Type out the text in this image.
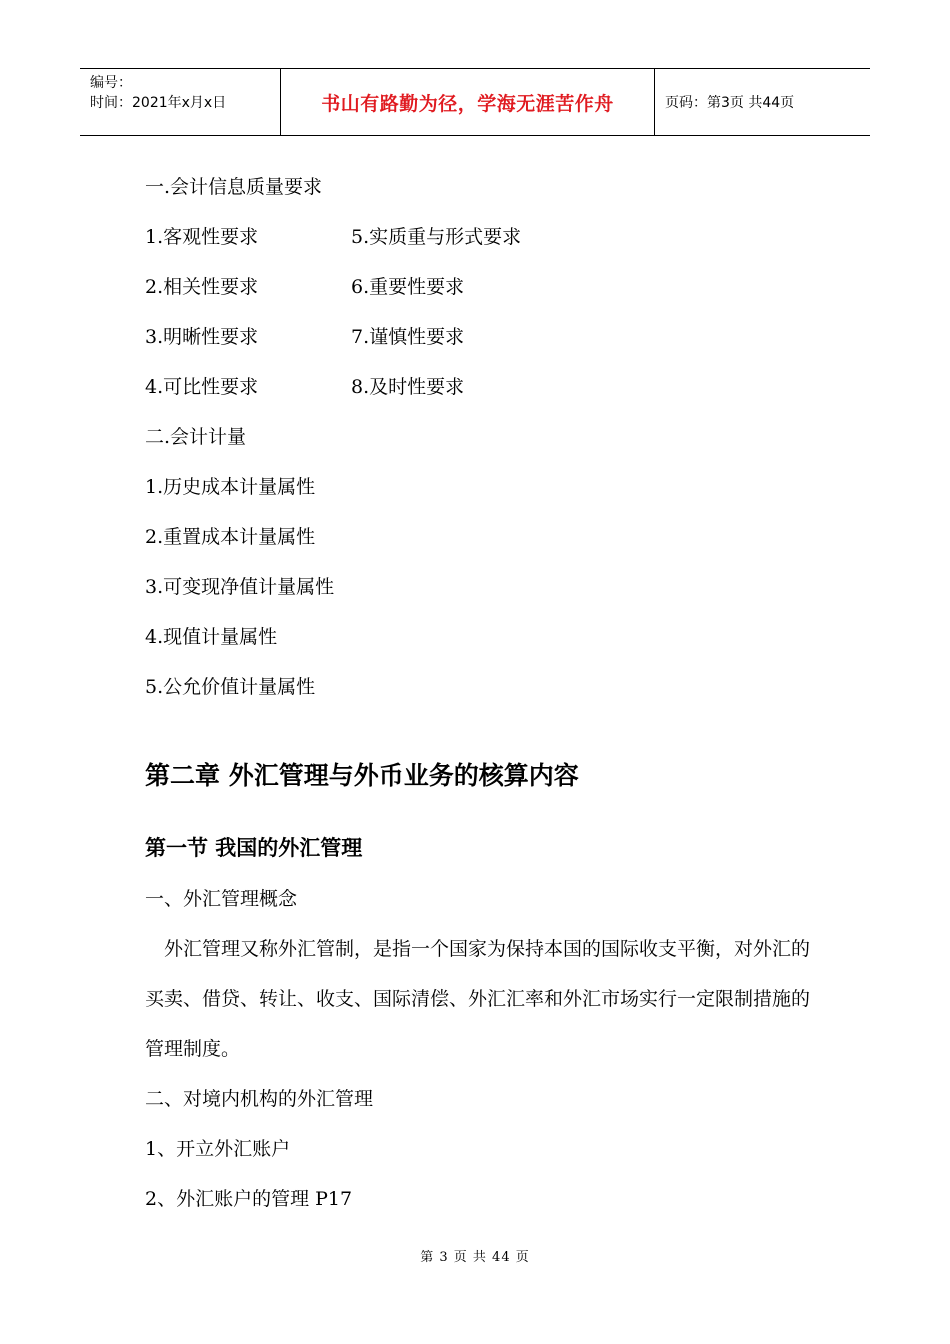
编号：
时间：2021年x月x日	书山有路勤为径，学海无涯苦作舟	页码：第3页 共44页
一.会计信息质量要求
1.客观性要求	5.实质重与形式要求
2.相关性要求	6.重要性要求
3.明晰性要求	7.谨慎性要求
4.可比性要求	8.及时性要求
二.会计计量
1.历史成本计量属性
2.重置成本计量属性
3.可变现净值计量属性
4.现值计量属性
5.公允价值计量属性
第二章 外汇管理与外币业务的核算内容
第一节 我国的外汇管理
一、外汇管理概念
外汇管理又称外汇管制，是指一个国家为保持本国的国际收支平衡，对外汇的买卖、借贷、转让、收支、国际清偿、外汇汇率和外汇市场实行一定限制措施的管理制度。
二、对境内机构的外汇管理
1、开立外汇账户
2、外汇账户的管理 P17
第 3 页 共 44 页
